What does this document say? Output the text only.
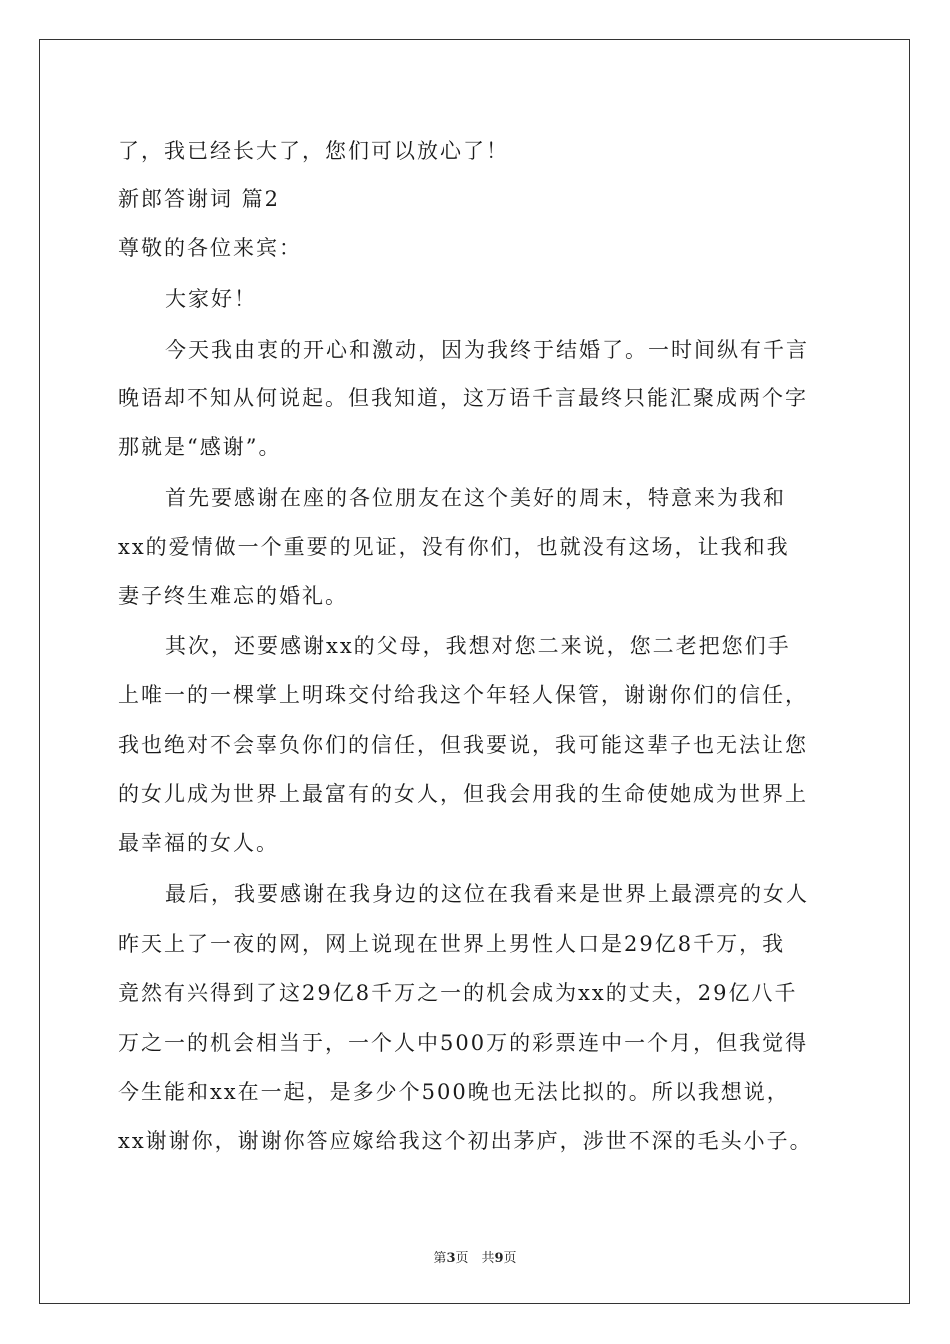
了，我已经长大了，您们可以放心了！
新郎答谢词 篇2
尊敬的各位来宾：
大家好！
今天我由衷的开心和激动，因为我终于结婚了。一时间纵有千言
晚语却不知从何说起。但我知道，这万语千言最终只能汇聚成两个字
那就是“感谢”。
首先要感谢在座的各位朋友在这个美好的周末，特意来为我和
xx的爱情做一个重要的见证，没有你们，也就没有这场，让我和我
妻子终生难忘的婚礼。
其次，还要感谢xx的父母，我想对您二来说，您二老把您们手
上唯一的一棵掌上明珠交付给我这个年轻人保管，谢谢你们的信任，
我也绝对不会辜负你们的信任，但我要说，我可能这辈子也无法让您
的女儿成为世界上最富有的女人，但我会用我的生命使她成为世界上
最幸福的女人。
最后，我要感谢在我身边的这位在我看来是世界上最漂亮的女人
昨天上了一夜的网，网上说现在世界上男性人口是29亿8千万，我
竟然有兴得到了这29亿8千万之一的机会成为xx的丈夫，29亿八千
万之一的机会相当于，一个人中500万的彩票连中一个月，但我觉得
今生能和xx在一起，是多少个500晚也无法比拟的。所以我想说，
xx谢谢你，谢谢你答应嫁给我这个初出茅庐，涉世不深的毛头小子。
第3页　共9页
